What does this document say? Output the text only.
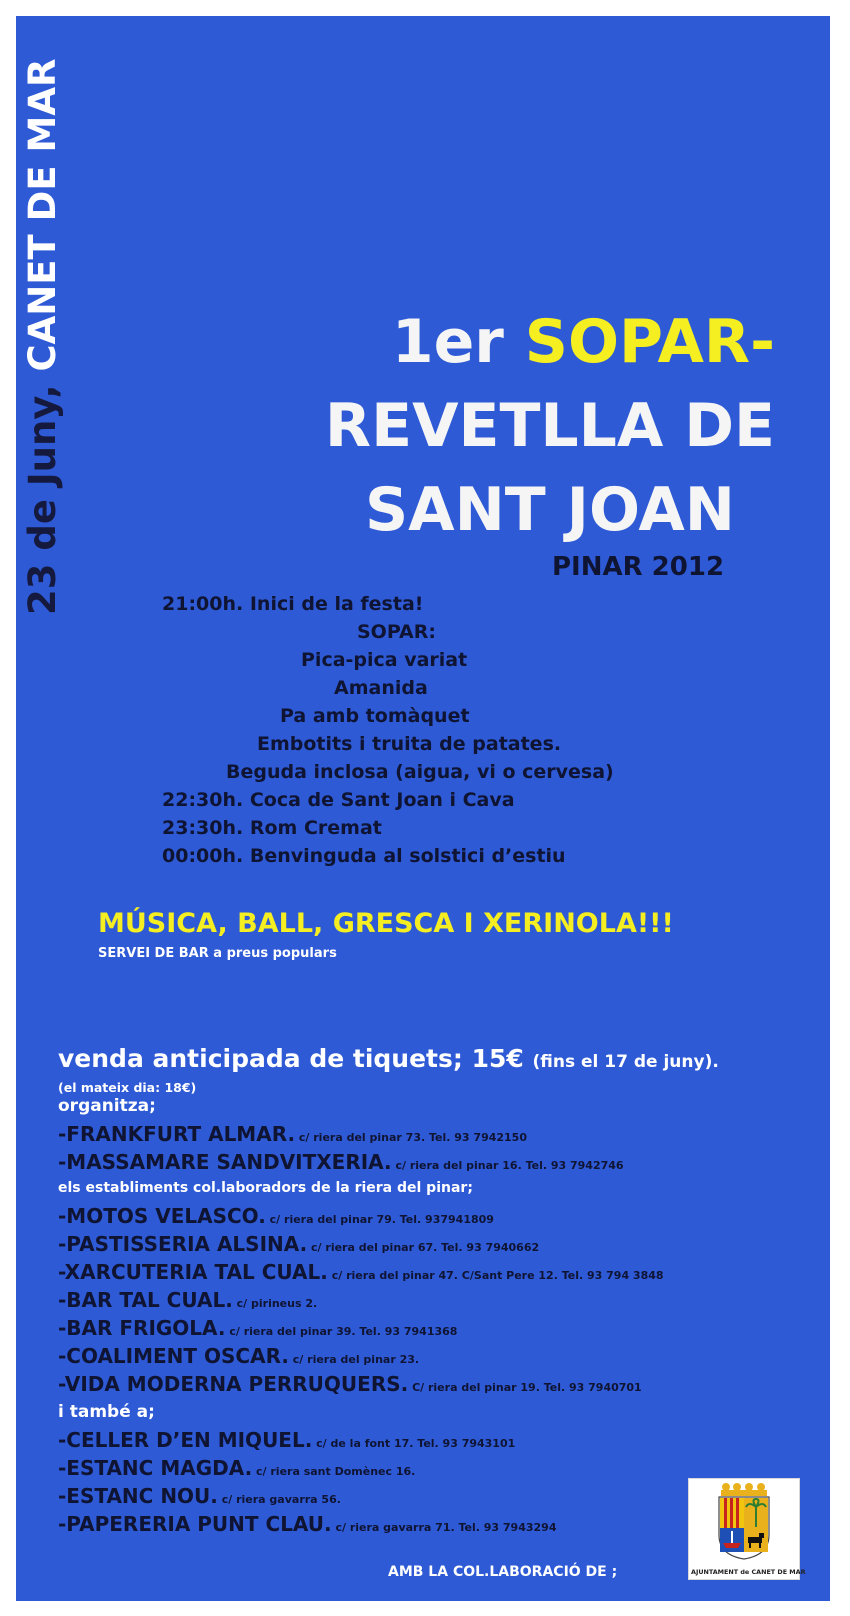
23 de Juny, CANET DE MAR	1er SOPAR-
REVETLLA DE
SANT JOAN
PINAR 2012
21:00h. Inici de la festa!
SOPAR:
Pica-pica variat
Amanida
Pa amb tomàquet
Embotits i truita de patates.
Beguda inclosa (aigua, vi o cervesa)
22:30h. Coca de Sant Joan i Cava
23:30h. Rom Cremat
00:00h. Benvinguda al solstici d’estiu
MÚSICA, BALL, GRESCA I XERINOLA!!!
SERVEI DE BAR a preus populars
venda anticipada de tiquets; 15€ (fins el 17 de juny).
(el mateix dia: 18€)
organitza;
-FRANKFURT ALMAR. c/ riera del pinar 73. Tel. 93 7942150
-MASSAMARE SANDVITXERIA. c/ riera del pinar 16. Tel. 93 7942746
els establiments col.laboradors de la riera del pinar;
-MOTOS VELASCO. c/ riera del pinar 79. Tel. 937941809
-PASTISSERIA ALSINA. c/ riera del pinar 67. Tel. 93 7940662
-XARCUTERIA TAL CUAL. c/ riera del pinar 47. C/Sant Pere 12. Tel. 93 794 3848
-BAR TAL CUAL. c/ pirineus 2.
-BAR FRIGOLA. c/ riera del pinar 39. Tel. 93 7941368
-COALIMENT OSCAR. c/ riera del pinar 23.
-VIDA MODERNA PERRUQUERS. C/ riera del pinar 19. Tel. 93 7940701
i també a;
-CELLER D’EN MIQUEL. c/ de la font 17. Tel. 93 7943101
-ESTANC MAGDA. c/ riera sant Domènec 16.
-ESTANC NOU. c/ riera gavarra 56.
-PAPERERIA PUNT CLAU. c/ riera gavarra 71. Tel. 93 7943294
AMB LA COL.LABORACIÓ DE ;	AJUNTAMENT de CANET DE MAR
